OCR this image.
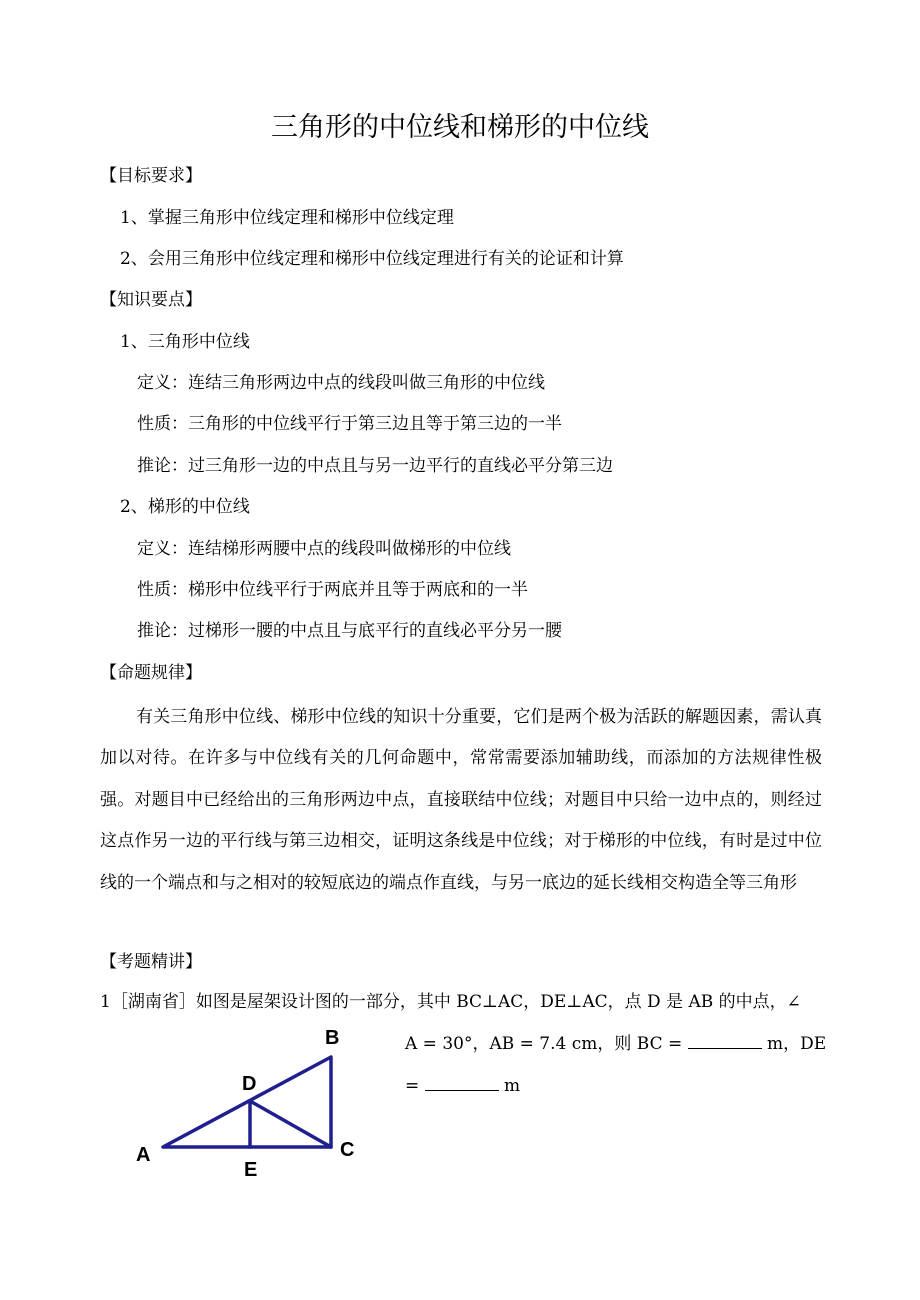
三角形的中位线和梯形的中位线
【目标要求】
1、掌握三角形中位线定理和梯形中位线定理
2、会用三角形中位线定理和梯形中位线定理进行有关的论证和计算
【知识要点】
1、三角形中位线
定义：连结三角形两边中点的线段叫做三角形的中位线
性质：三角形的中位线平行于第三边且等于第三边的一半
推论：过三角形一边的中点且与另一边平行的直线必平分第三边
2、梯形的中位线
定义：连结梯形两腰中点的线段叫做梯形的中位线
性质：梯形中位线平行于两底并且等于两底和的一半
推论：过梯形一腰的中点且与底平行的直线必平分另一腰
【命题规律】
有关三角形中位线、梯形中位线的知识十分重要，它们是两个极为活跃的解题因素，需认真加以对待。在许多与中位线有关的几何命题中，常常需要添加辅助线，而添加的方法规律性极强。对题目中已经给出的三角形两边中点，直接联结中位线；对题目中只给一边中点的，则经过这点作另一边的平行线与第三边相交，证明这条线是中位线；对于梯形的中位线，有时是过中位线的一个端点和与之相对的较短底边的端点作直线，与另一底边的延长线相交构造全等三角形
【考题精讲】
1［湖南省］如图是屋架设计图的一部分，其中 BC⊥AC，DE⊥AC，点 D 是 AB 的中点，∠
A = 30°，AB = 7.4 cm，则 BC =	m，DE
=	m
A
B
C
D
E
